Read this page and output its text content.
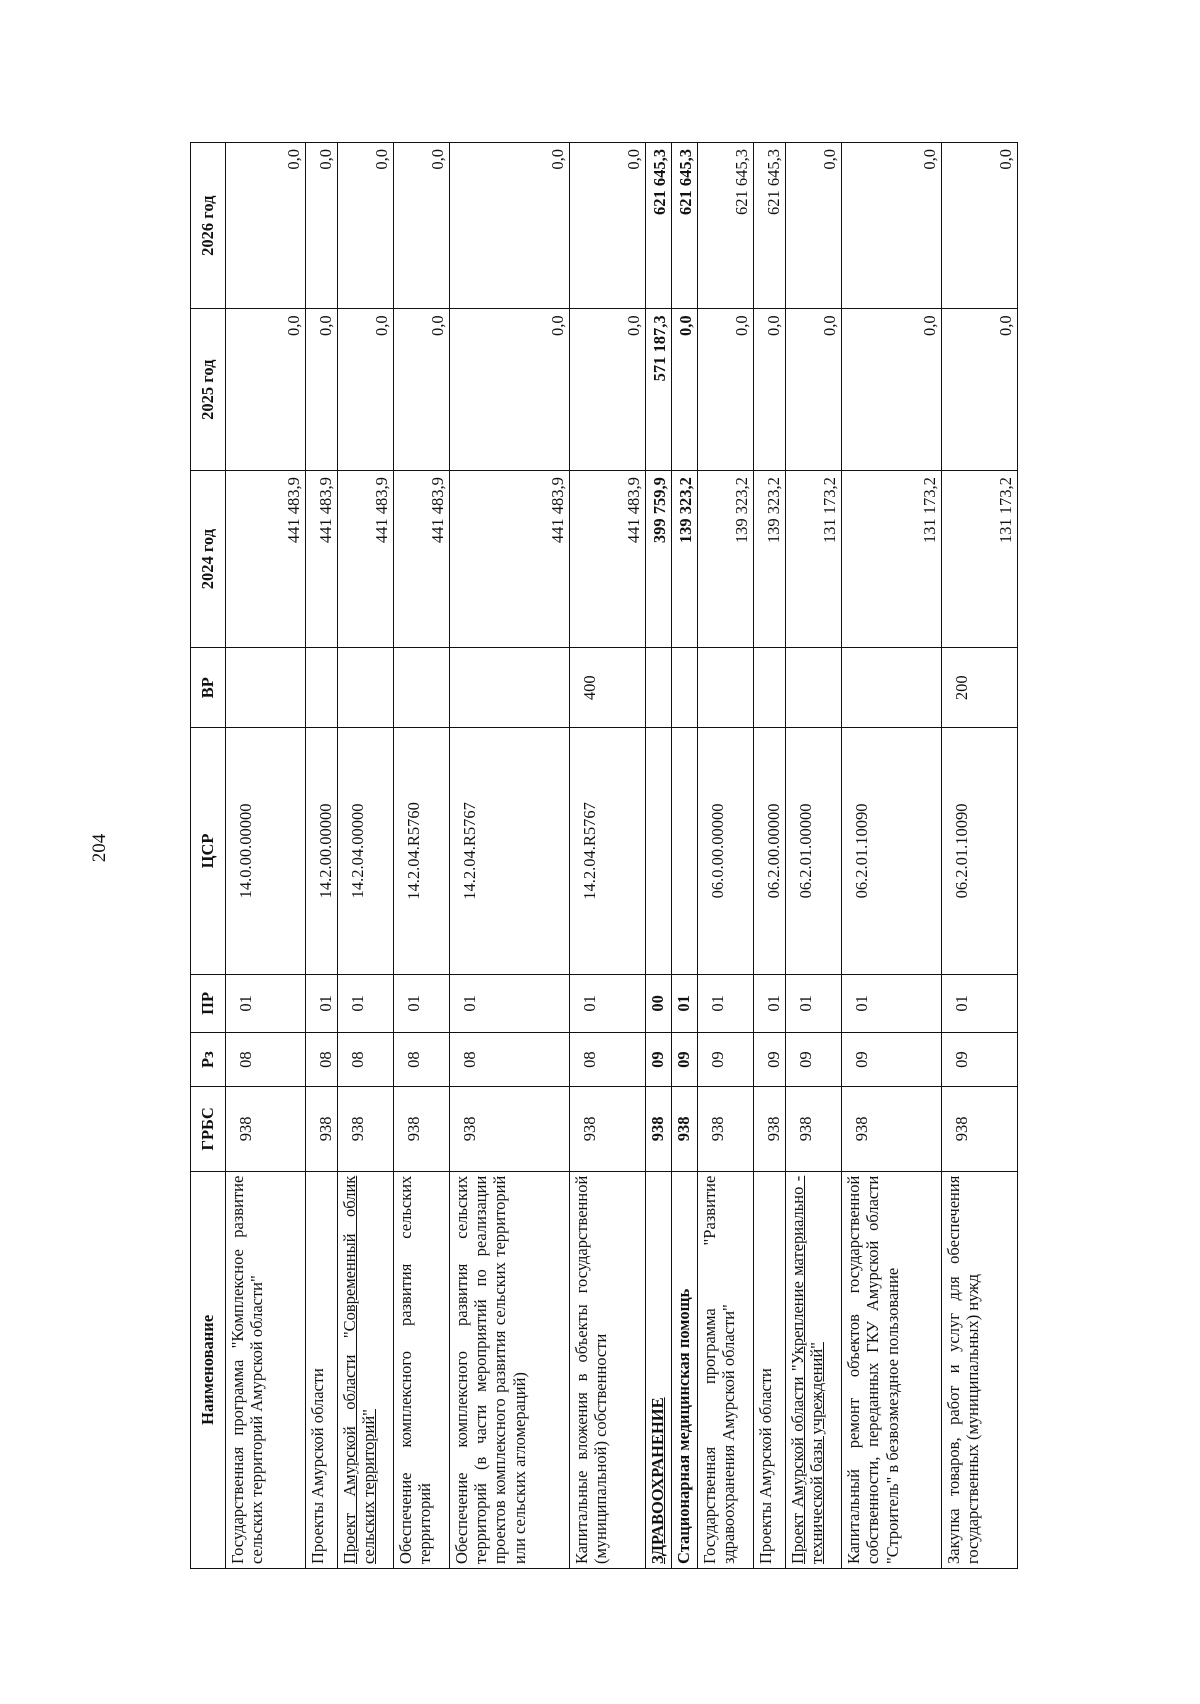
204
Наименование	ГРБС	Рз	ПР	ЦСР	ВР	2024 год	2025 год	2026 год
Государственная программа "Комплексное развитие сельских территорий Амурской области"	938	08	01	14.0.00.00000		441 483,9	0,0	0,0
Проекты Амурской области	938	08	01	14.2.00.00000		441 483,9	0,0	0,0
Проект Амурской области "Современный облик сельских территорий"	938	08	01	14.2.04.00000		441 483,9	0,0	0,0
Обеспечение комплексного развития сельских территорий	938	08	01	14.2.04.R5760		441 483,9	0,0	0,0
Обеспечение комплексного развития сельских территорий (в части мероприятий по реализации проектов комплексного развития сельских территорий или сельских агломераций)	938	08	01	14.2.04.R5767		441 483,9	0,0	0,0
Капитальные вложения в объекты государственной (муниципальной) собственности	938	08	01	14.2.04.R5767	400	441 483,9	0,0	0,0
ЗДРАВООХРАНЕНИЕ	938	09	00			399 759,9	571 187,3	621 645,3
Стационарная медицинская помощь	938	09	01			139 323,2	0,0	621 645,3
Государственная программа "Развитие здравоохранения Амурской области"	938	09	01	06.0.00.00000		139 323,2	0,0	621 645,3
Проекты Амурской области	938	09	01	06.2.00.00000		139 323,2	0,0	621 645,3
Проект Амурской области "Укрепление материально - технической базы учреждений"	938	09	01	06.2.01.00000		131 173,2	0,0	0,0
Капитальный ремонт объектов государственной собственности, переданных ГКУ Амурской области "Строитель" в безвозмездное пользование	938	09	01	06.2.01.10090		131 173,2	0,0	0,0
Закупка товаров, работ и услуг для обеспечения государственных (муниципальных) нужд	938	09	01	06.2.01.10090	200	131 173,2	0,0	0,0
